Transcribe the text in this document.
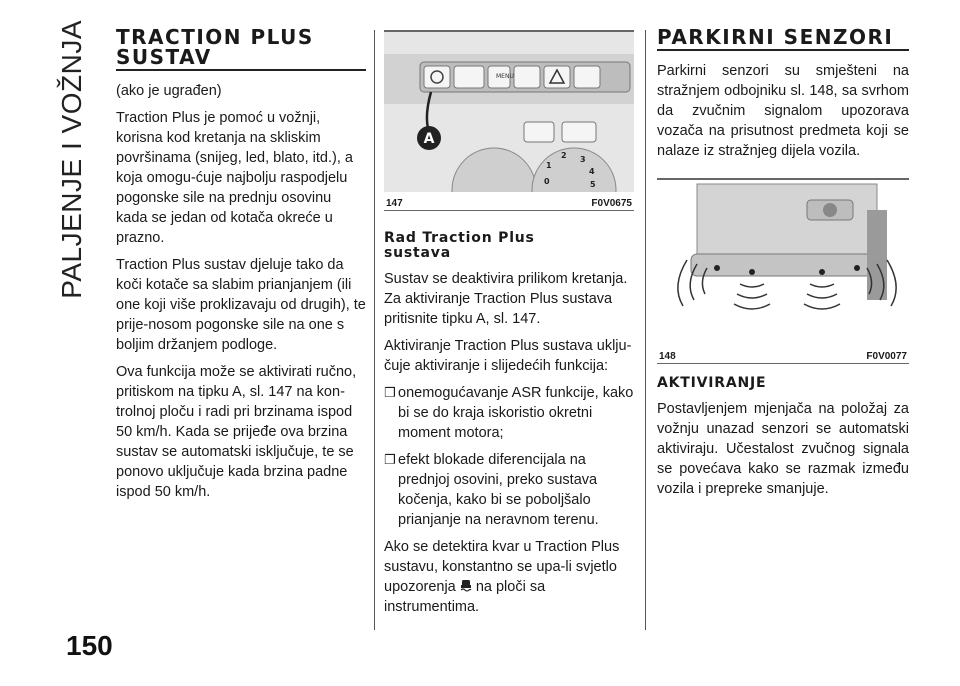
PALJENJE I VOŽNJA
150
TRACTION PLUS
SUSTAV

(ako je ugrađen)

Traction Plus je pomoć u vožnji, korisna kod kretanja na skliskim površinama (snijeg, led, blato, itd.), a koja omogu-ćuje najbolju raspodjelu pogonske sile na prednju osovinu kada se jedan od kotača okreće u prazno.

Traction Plus sustav djeluje tako da koči kotače sa slabim prianjanjem (ili one koji više proklizavaju od drugih), te prije-nosom pogonske sile na one s boljim držanjem podloge.

Ova funkcija može se aktivirati ručno, pritiskom na tipku A, sl. 147 na kon-trolnoj ploču i radi pri brzinama ispod 50 km/h. Kada se prijeđe ova brzina sustav se automatski isključuje, te se ponovo uključuje kada brzina padne ispod 50 km/h.

MENU
A
0
1
2 3
4
5
147	F0V0675
Rad Traction Plus
sustava

Sustav se deaktivira prilikom kretanja. Za aktiviranje Traction Plus sustava pritisnite tipku A, sl. 147.

Aktiviranje Traction Plus sustava uklju-čuje aktiviranje i slijedećih funkcija:

❒ onemogućavanje ASR funkcije, kako bi se do kraja iskoristio okretni moment motora;
❒ efekt blokade diferencijala na prednjoj osovini, preko sustava kočenja, kako bi se poboljšalo prianjanje na neravnom terenu.

Ako se detektira kvar u Traction Plus sustavu, konstantno se upa-li svjetlo upozorenja na ploči sa instrumentima.

PARKIRNI SENZORI

Parkirni senzori su smješteni na stražnjem odbojniku sl. 148, sa svrhom da zvučnim signalom upozorava vozača na prisutnost predmeta koji se nalaze iz stražnjeg dijela vozila.

148	F0V0077
AKTIVIRANJE

Postavljenjem mjenjača na položaj za vožnju unazad senzori se automatski aktiviraju. Učestalost zvučnog signala se povećava kako se razmak između vozila i prepreke smanjuje.
